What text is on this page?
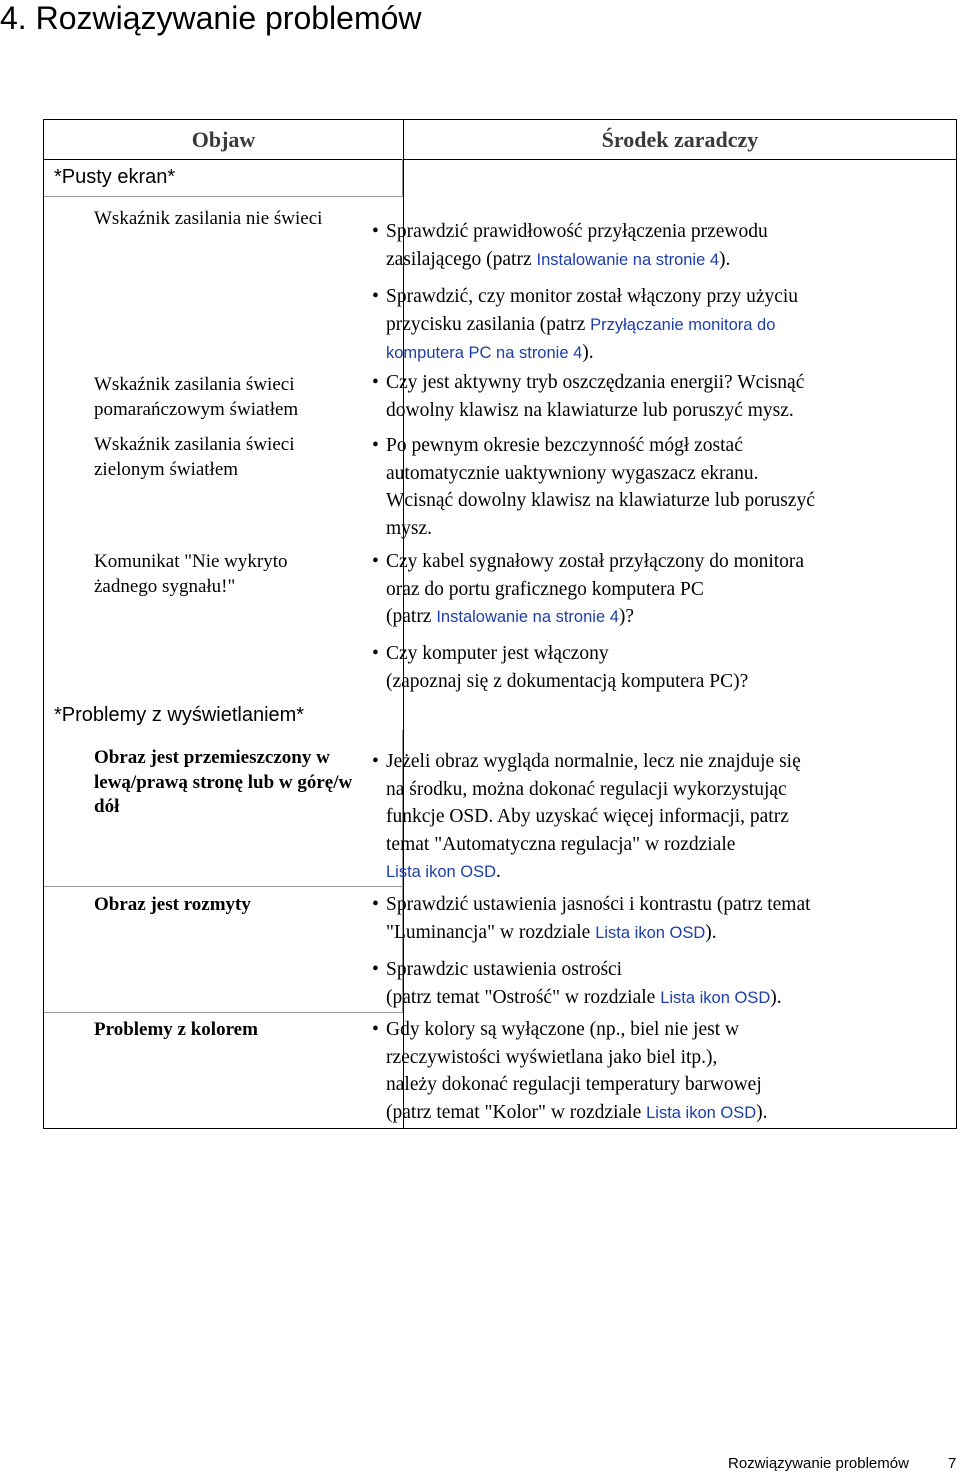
4. Rozwiązywanie problemów
Objaw	Środek zaradczy
*Pusty ekran*
Wskaźnik zasilania nie świeci
Wskaźnik zasilania świeci
pomarańczowym światłem
Wskaźnik zasilania świeci
zielonym światłem
Komunikat "Nie wykryto
żadnego sygnału!"
*Problemy z wyświetlaniem*
Obraz jest przemieszczony w
lewą/prawą stronę lub w górę/w
dół
Obraz jest rozmyty
Problemy z kolorem
• Sprawdzić prawidłowość przyłączenia przewodu
zasilającego (patrz Instalowanie na stronie 4).
• Sprawdzić, czy monitor został włączony przy użyciu
przycisku zasilania (patrz Przyłączanie monitora do
komputera PC na stronie 4).
• Czy jest aktywny tryb oszczędzania energii? Wcisnąć
dowolny klawisz na klawiaturze lub poruszyć mysz.
• Po pewnym okresie bezczynność mógł zostać
automatycznie uaktywniony wygaszacz ekranu.
Wcisnąć dowolny klawisz na klawiaturze lub poruszyć
mysz.
• Czy kabel sygnałowy został przyłączony do monitora
oraz do portu graficznego komputera PC
(patrz Instalowanie na stronie 4)?
• Czy komputer jest włączony
(zapoznaj się z dokumentacją komputera PC)?
• Jeżeli obraz wygląda normalnie, lecz nie znajduje się
na środku, można dokonać regulacji wykorzystując
funkcje OSD. Aby uzyskać więcej informacji, patrz
temat "Automatyczna regulacja" w rozdziale
Lista ikon OSD.
• Sprawdzić ustawienia jasności i kontrastu (patrz temat
"Luminancja" w rozdziale Lista ikon OSD).
• Sprawdzic ustawienia ostrości
(patrz temat "Ostrość" w rozdziale Lista ikon OSD).
• Gdy kolory są wyłączone (np., biel nie jest w
rzeczywistości wyświetlana jako biel itp.),
należy dokonać regulacji temperatury barwowej
(patrz temat "Kolor" w rozdziale Lista ikon OSD).
Rozwiązywanie problemów	7
